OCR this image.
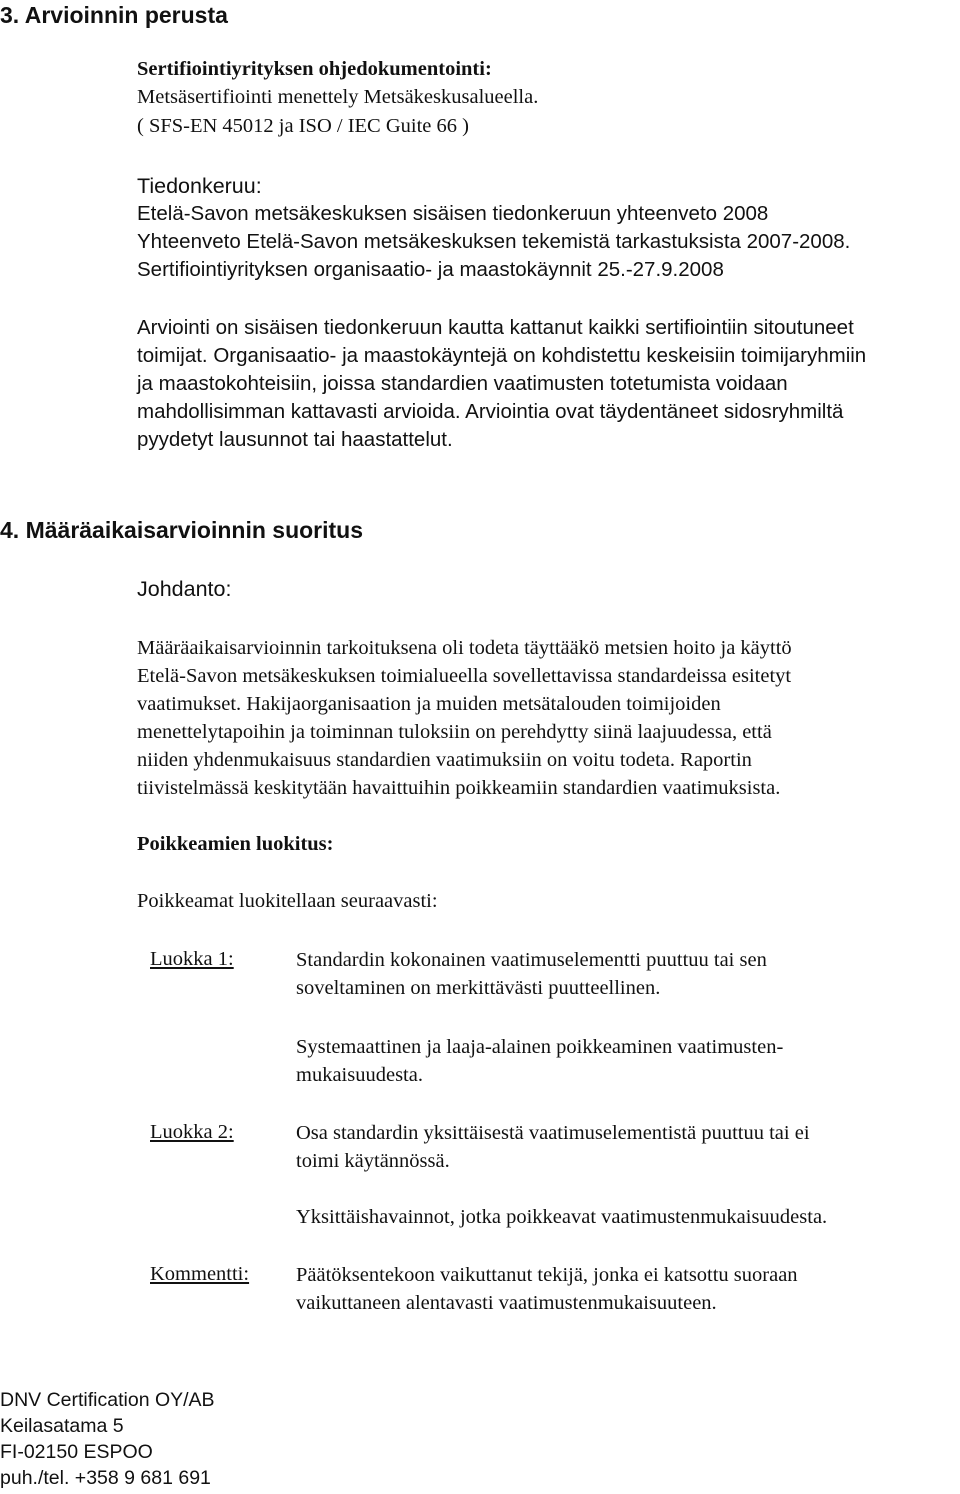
3. Arvioinnin perusta
Sertifiointiyrityksen ohjedokumentointi:
Metsäsertifiointi menettely Metsäkeskusalueella.
( SFS-EN 45012 ja ISO / IEC Guite 66 )
Tiedonkeruu:
Etelä-Savon metsäkeskuksen sisäisen tiedonkeruun yhteenveto 2008
Yhteenveto Etelä-Savon metsäkeskuksen tekemistä tarkastuksista 2007-2008.
Sertifiointiyrityksen organisaatio- ja maastokäynnit 25.-27.9.2008
Arviointi on sisäisen tiedonkeruun kautta kattanut kaikki sertifiointiin sitoutuneet
toimijat. Organisaatio- ja maastokäyntejä on kohdistettu keskeisiin toimijaryhmiin
ja maastokohteisiin, joissa standardien vaatimusten totetumista voidaan
mahdollisimman kattavasti arvioida. Arviointia ovat täydentäneet sidosryhmiltä
pyydetyt lausunnot tai haastattelut.
4. Määräaikaisarvioinnin suoritus
Johdanto:
Määräaikaisarvioinnin tarkoituksena oli todeta täyttääkö metsien hoito ja käyttö
Etelä-Savon metsäkeskuksen toimialueella sovellettavissa standardeissa esitetyt
vaatimukset. Hakijaorganisaation ja muiden metsätalouden toimijoiden
menettelytapoihin ja toiminnan tuloksiin on perehdytty siinä laajuudessa, että
niiden yhdenmukaisuus standardien vaatimuksiin on voitu todeta. Raportin
tiivistelmässä keskitytään havaittuihin poikkeamiin standardien vaatimuksista.
Poikkeamien luokitus:
Poikkeamat luokitellaan seuraavasti:
Luokka 1:	Standardin kokonainen vaatimuselementti puuttuu tai sen
soveltaminen on merkittävästi puutteellinen.
Systemaattinen ja laaja-alainen poikkeaminen vaatimusten-
mukaisuudesta.
Luokka 2:	Osa standardin yksittäisestä vaatimuselementistä puuttuu tai ei
toimi käytännössä.
Yksittäishavainnot, jotka poikkeavat vaatimustenmukaisuudesta.
Kommentti: Päätöksentekoon vaikuttanut tekijä, jonka ei katsottu suoraan
vaikuttaneen alentavasti vaatimustenmukaisuuteen.
DNV Certification OY/AB
Keilasatama 5
FI-02150 ESPOO
puh./tel. +358 9 681 691
